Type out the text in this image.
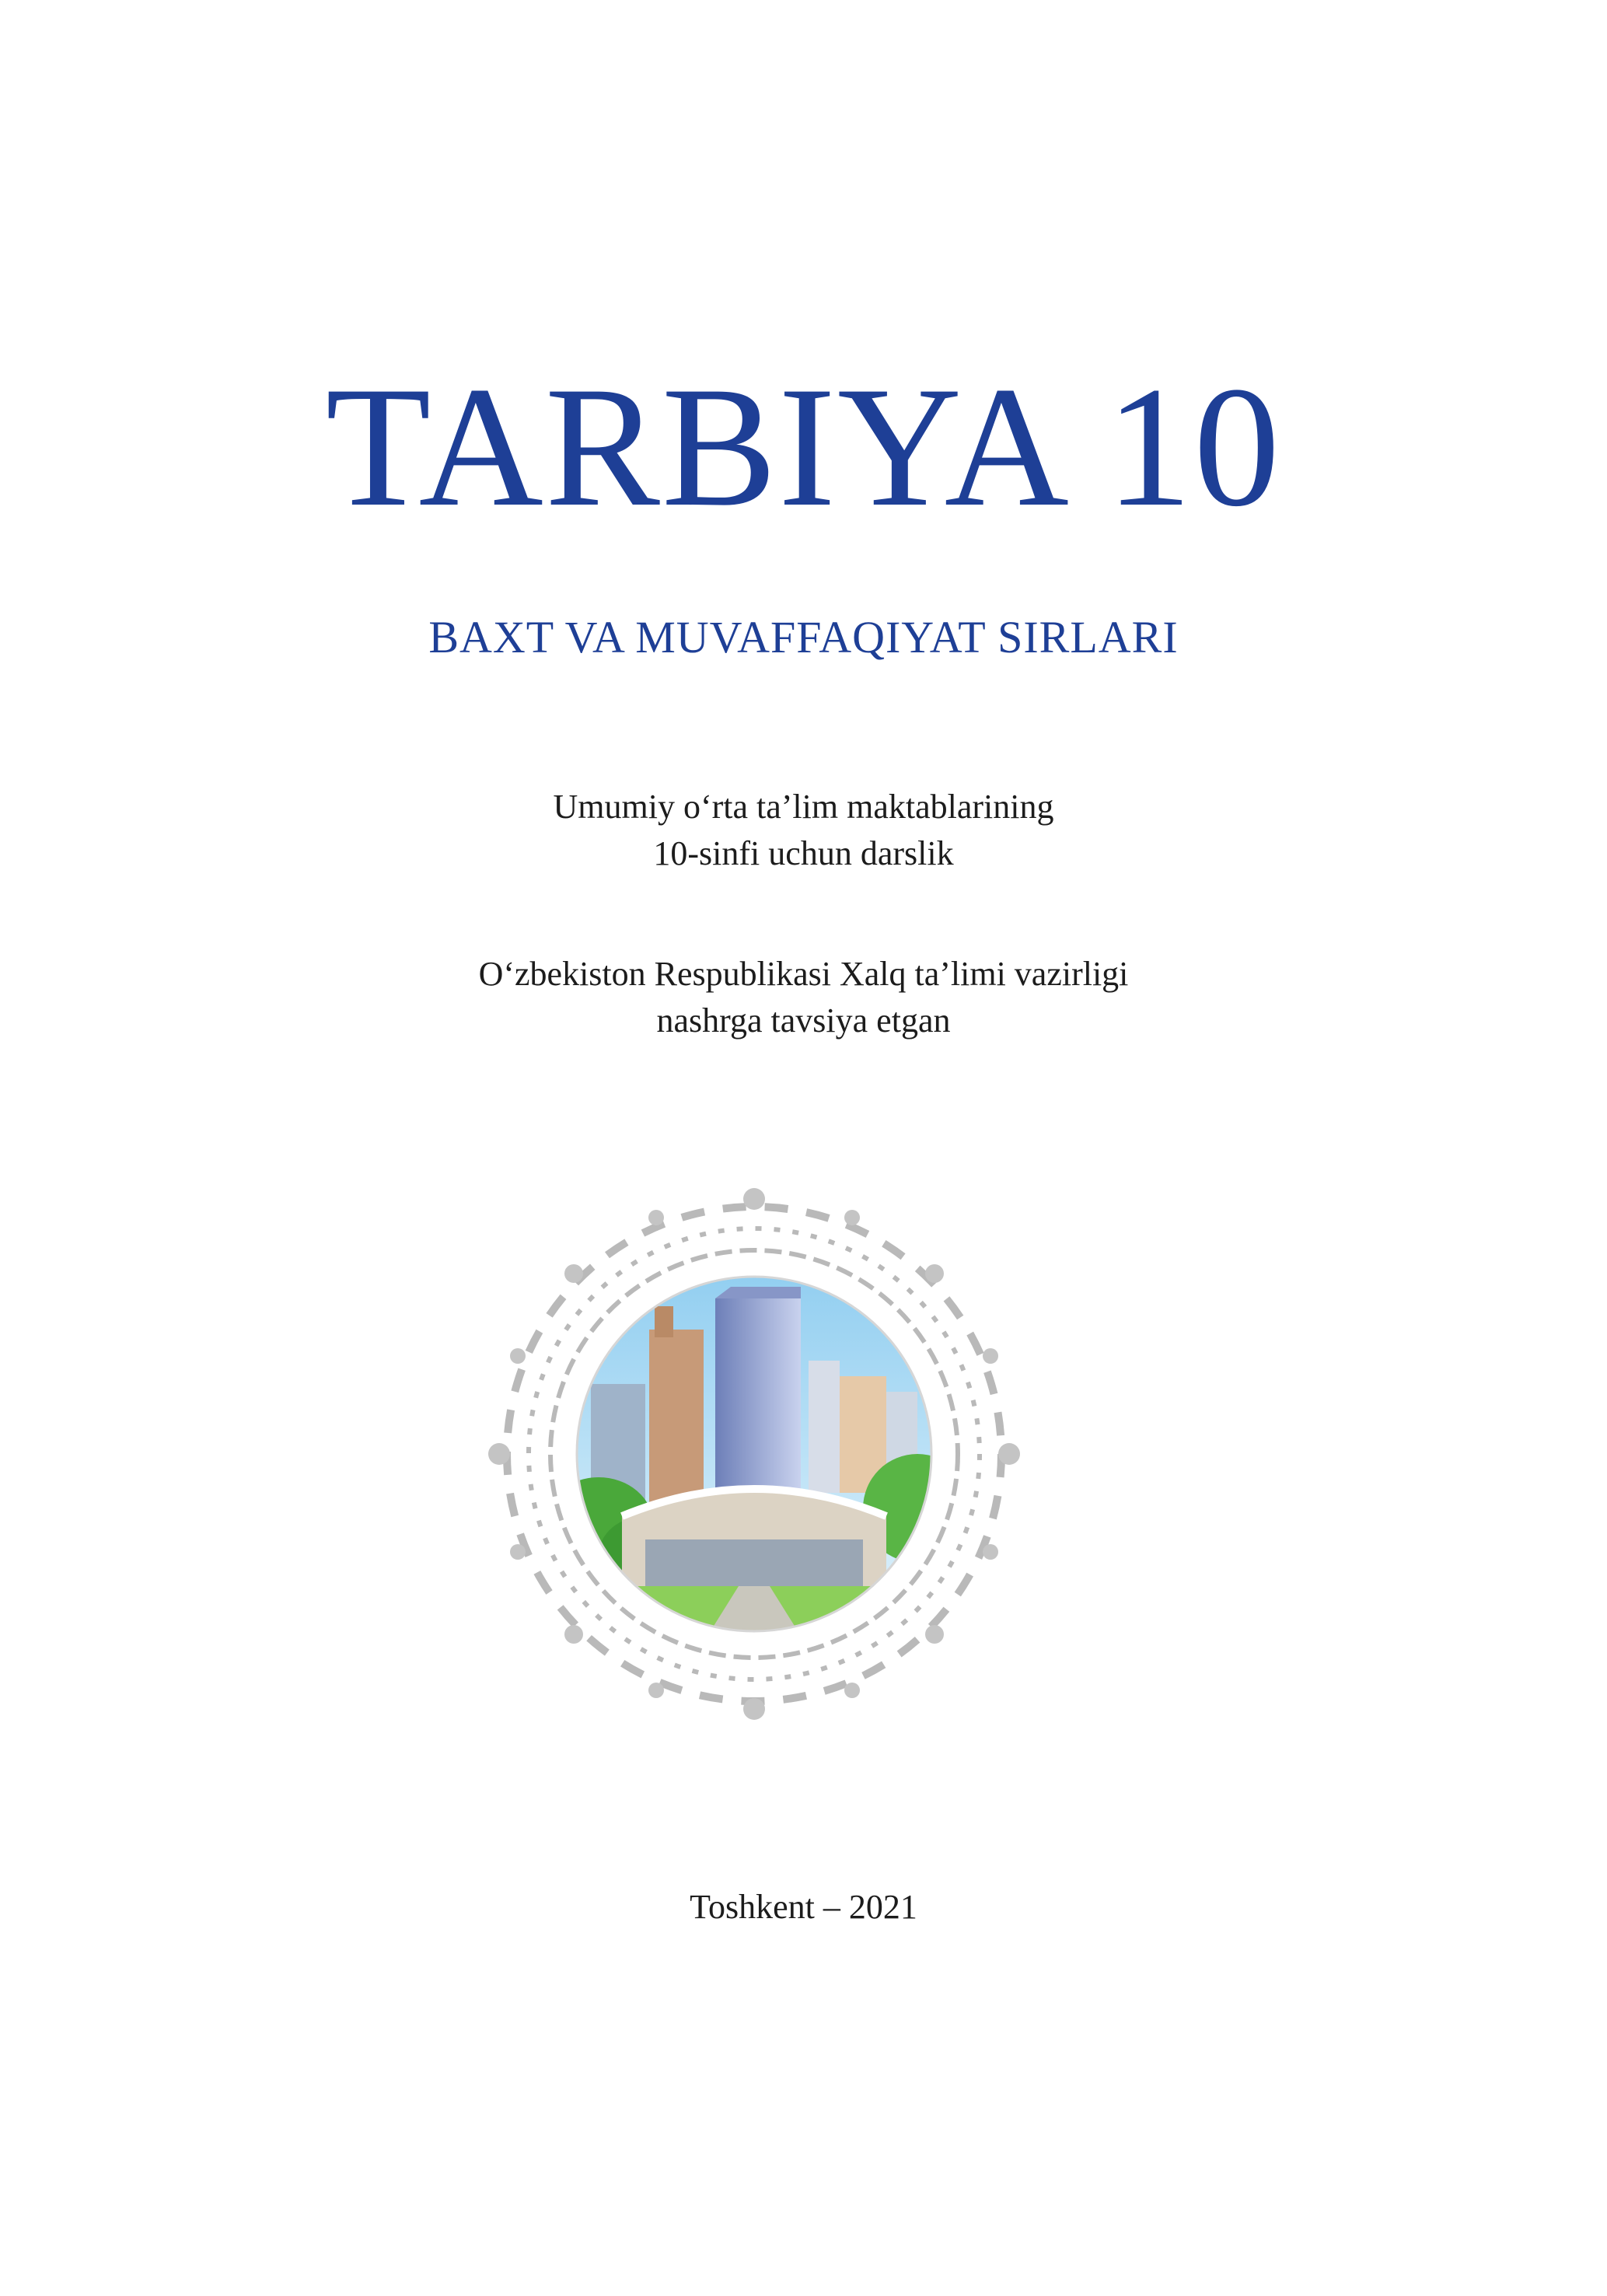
TARBIYA 10
BAXT VA MUVAFFAQIYAT SIRLARI
Umumiy o‘rta ta’lim maktablarining
10-sinfi uchun darslik
O‘zbekiston Respublikasi Xalq ta’limi vazirligi
nashrga tavsiya etgan
Toshkent – 2021
